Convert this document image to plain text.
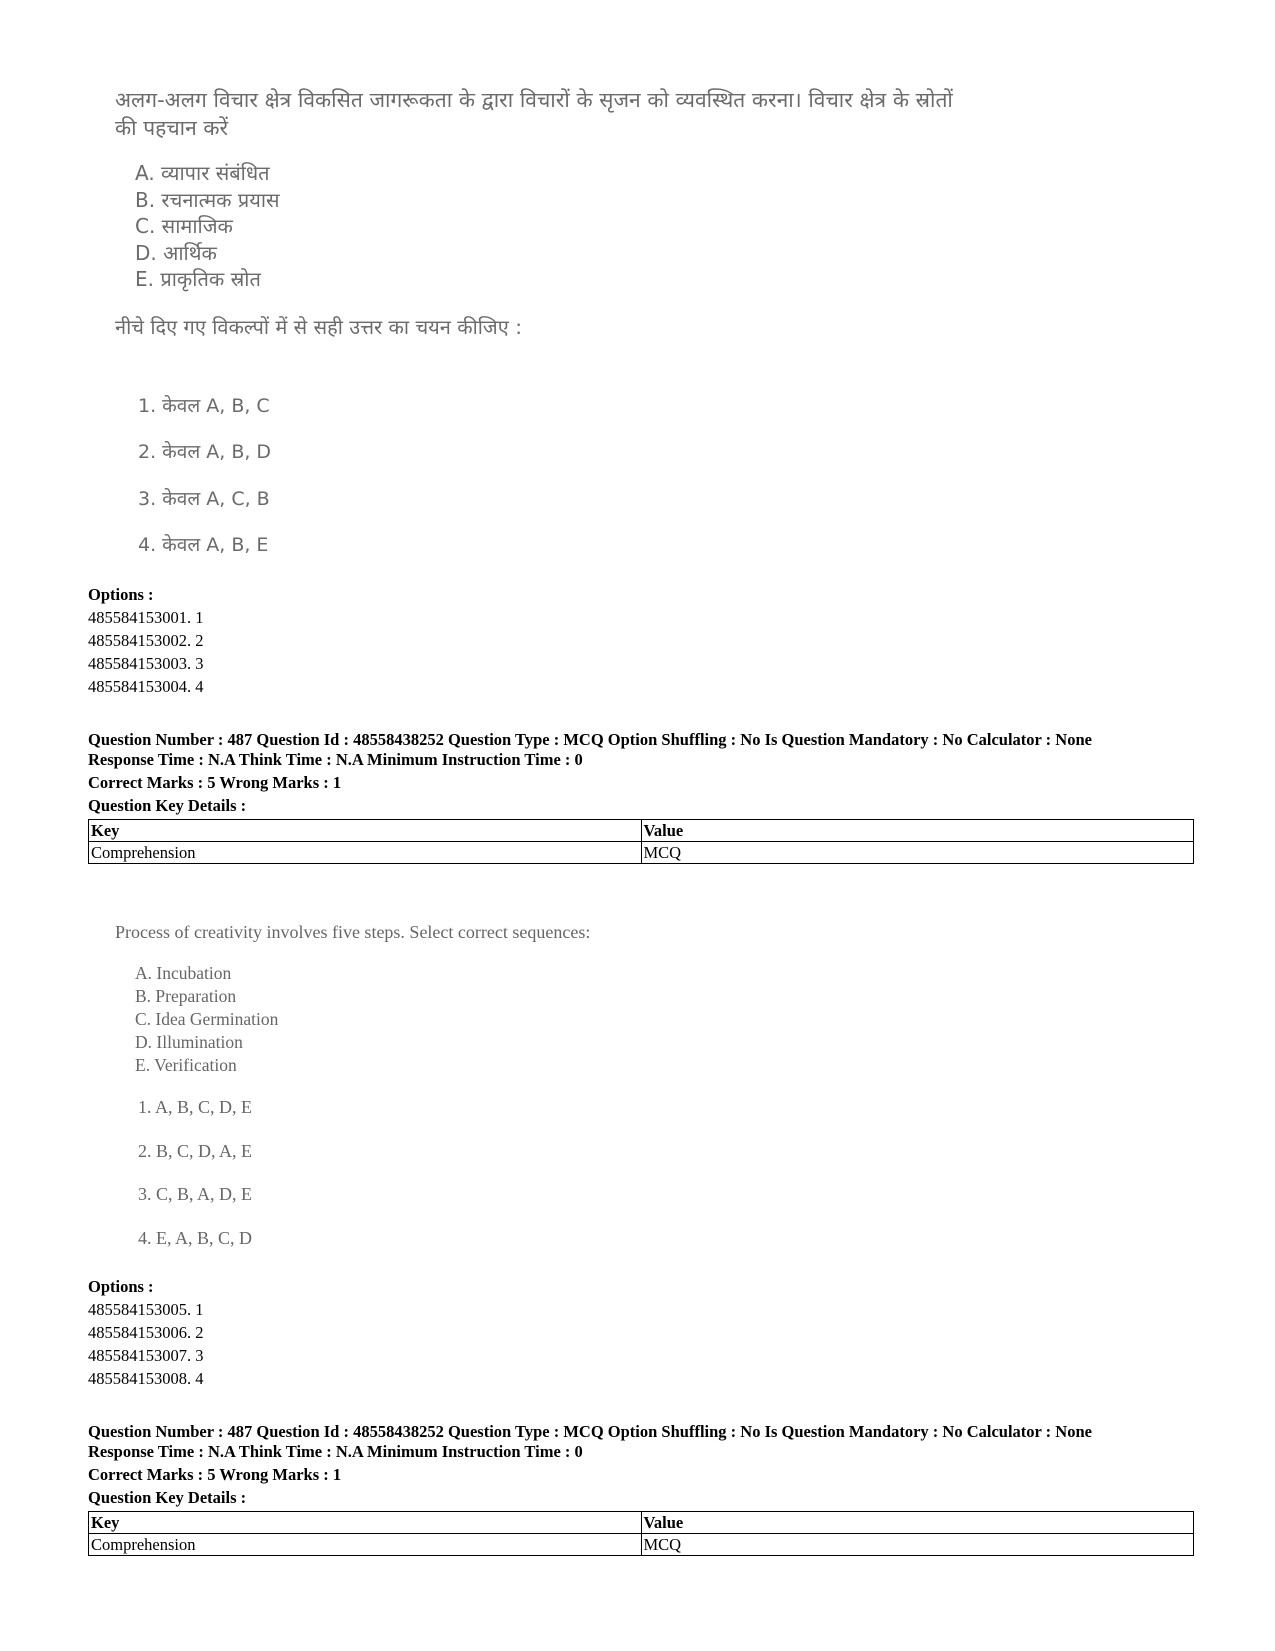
अलग-अलग विचार क्षेत्र विकसित जागरूकता के द्वारा विचारों के सृजन को व्यवस्थित करना। विचार क्षेत्र के स्रोतों की पहचान करें
A. व्यापार संबंधित
B. रचनात्मक प्रयास
C. सामाजिक
D. आर्थिक
E. प्राकृतिक स्रोत
नीचे दिए गए विकल्पों में से सही उत्तर का चयन कीजिए :
1. केवल A, B, C
2. केवल A, B, D
3. केवल A, C, B
4. केवल A, B, E
Options :
485584153001. 1
485584153002. 2
485584153003. 3
485584153004. 4
Question Number : 487 Question Id : 48558438252 Question Type : MCQ Option Shuffling : No Is Question Mandatory : No Calculator : None
Response Time : N.A Think Time : N.A Minimum Instruction Time : 0
Correct Marks : 5 Wrong Marks : 1
Question Key Details :
Key	Value
Comprehension	MCQ
Process of creativity involves five steps. Select correct sequences:
A. Incubation
B. Preparation
C. Idea Germination
D. Illumination
E. Verification
1. A, B, C, D, E
2. B, C, D, A, E
3. C, B, A, D, E
4. E, A, B, C, D
Options :
485584153005. 1
485584153006. 2
485584153007. 3
485584153008. 4
Question Number : 487 Question Id : 48558438252 Question Type : MCQ Option Shuffling : No Is Question Mandatory : No Calculator : None
Response Time : N.A Think Time : N.A Minimum Instruction Time : 0
Correct Marks : 5 Wrong Marks : 1
Question Key Details :
Key	Value
Comprehension	MCQ
